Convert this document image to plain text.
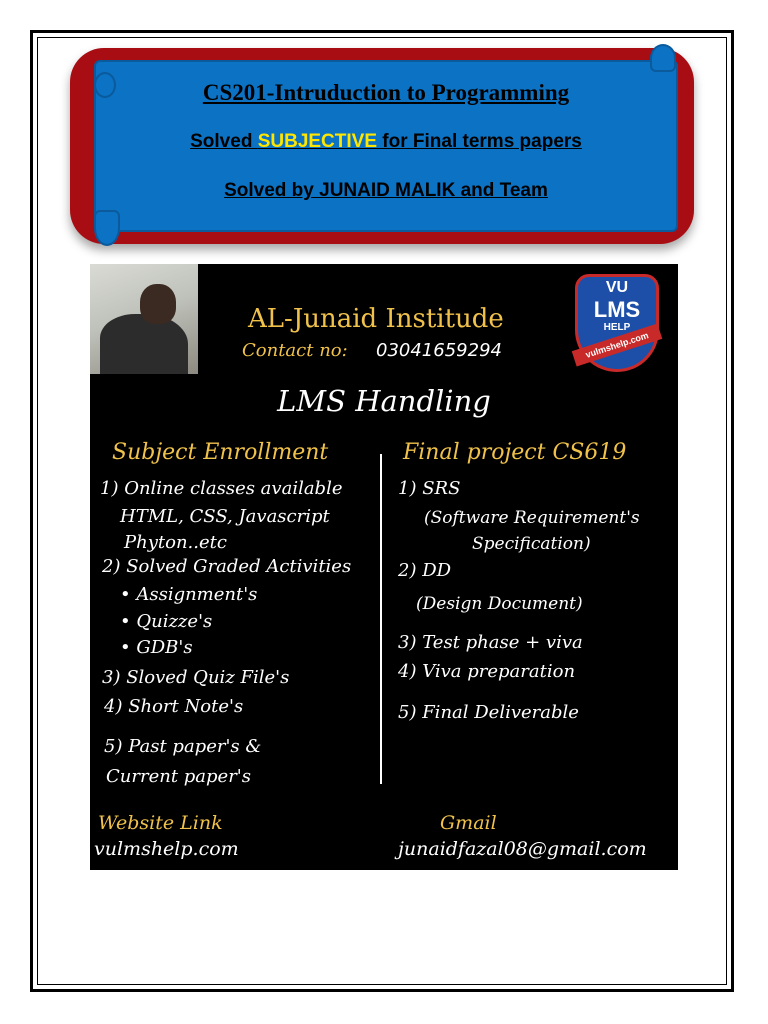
CS201-Intruduction to Programming
Solved SUBJECTIVE for Final terms papers
Solved by JUNAID MALIK and Team
AL-Junaid Institude
Contact no: 03041659294
VU
LMS
HELP
vulmshelp.com
LMS Handling
Subject Enrollment	Final project CS619
1) Online classes available
HTML, CSS, Javascript
Phyton..etc
2) Solved Graded Activities
• Assignment's
• Quizze's
• GDB's
3) Sloved Quiz File's
4) Short Note's
5) Past paper's &
Current paper's
1) SRS
(Software Requirement's
Specification)
2) DD
(Design Document)
3) Test phase + viva
4) Viva preparation
5) Final Deliverable
Website Link
vulmshelp.com
Gmail
junaidfazal08@gmail.com
